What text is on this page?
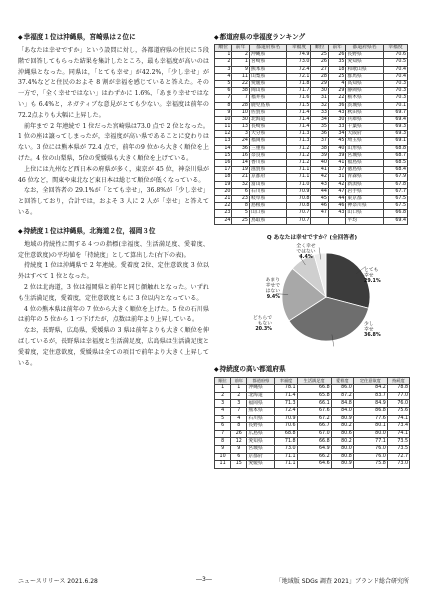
◆幸福度１位は沖縄県，宮崎県は２位に

「あなたは幸せですか」という設問に対し，各都道府県の住民に５段階で回答してもらった結果を集計したところ，最も幸福度が高いのは沖縄県となった。同県は，「とても幸せ」が42.2%，「少し幸せ」が 37.4%などと住民のおよそ 8 割が幸福を感じていると答えた。その一方で，「全く幸せではない」はわずかに 1.6%、「あまり幸せではない」も 6.4%と，ネガティブな意見がとても少ない。幸福度は前年の 72.2点よりも大幅に上昇した。

前年まで 2 年連続で 1 位だった宮崎県は73.0 点で 2 位となった。1 位の座は譲ってしまったが，幸福度が高い県であることに変わりはない。3 位には熊本県が 72.4 点で，前年の9 位から大きく順位を上げた。4 位の山梨県，5位の愛媛県も大きく順位を上げている。

上位には九州など西日本の府県が多く，東京が 45 位，神奈川県が 46 位など，関東や東北など東日本は総じて順位が低くなっている。

なお，全回答者の 29.1%が「とても幸せ」，36.8%が「少し幸せ」と回答しており，合計では，およそ 3 人に 2 人が「幸せ」と答えている。

◆持続度１位は沖縄県，北海道２位，福岡３位

地域の持続性に関する４つの指標(幸福度、生活満足度、愛着度、定住意欲度)の平均値を「持続度」として算出した(右下の表)。

持続度 1 位は沖縄県で 2 年連続。愛着度 2位、定住意欲度 3 位以外はすべて 1 位となった。

2 位は北海道，3 位は福岡県と前年と同じ顔触れとなった。いずれも生活満足度，愛着度，定住意欲度ともに 3 位以内となっている。

4 位の熊本県は前年の 7 位から大きく順位を上げた。5 位の石川県は前年の 5 位から 1 つ下げたが，点数は前年より上昇している。

なお，長野県，広島県，愛媛県の 3 県は前年よりも大きく順位を伸ばしているが，長野県は幸福度と生活満足度，広島県は生活満足度と愛着度，定住意欲度，愛媛県は全ての項目で前年より大きく上昇している。

◆都道府県の幸福度ランキング
順位	前年	都道府県名	幸福度	順位	前年	都道府県名	幸福度
1	2	沖縄県	74.9	25	26	長野県	70.6
2	1	宮崎県	73.0	26	35	愛知県	70.5
3	9	熊本県	72.4	27	18	和歌山県	70.4
4	11	山梨県	72.1	28	25	群馬県	70.4
5	22	愛媛県	71.8	29	4	高知県	70.3
6	38	岡山県	71.7	30	29	静岡県	70.3
7	7	福井県	71.6	31	22	栃木県	70.3
8	28	鹿児島県	71.5	32	36	茨城県	70.1
9	10	佐賀県	71.4	33	43	秋田県	69.7
10	30	北海道	71.4	34	30	兵庫県	69.4
11	13	長崎県	71.4	35	33	千葉県	69.3
12	3	大分県	71.3	36	34	大阪府	69.3
13	24	福岡県	71.3	37	45	埼玉県	69.1
14	36	三重県	71.2	38	40	山形県	68.8
15	16	奈良県	71.2	39	39	宮城県	68.7
16	14	香川県	71.2	40	41	福島県	68.5
17	19	滋賀県	71.1	41	37	徳島県	68.4
18	21	京都府	71.1	42	31	青森県	67.9
19	32	富山県	71.0	43	42	新潟県	67.8
20	6	石川県	70.9	44	47	岩手県	67.7
21	23	岐阜県	70.8	45	44	東京都	67.5
22	8	島根県	70.8	46	46	神奈川県	67.5
23	5	山口県	70.7	47	43	山口県	66.8
24	25	鳥取県	70.7			平均	69.4
Q あなたは幸せですか？(全回答者)
とても幸せ 29.1%
少し幸せ 36.8%
どちらでもない 20.3%
あまり幸せではない 9.4%
全く幸せではない 4.4%
◆持続度の高い都道府県
順位	前年	都道府県	幸福度	生活満足度	愛着度	定住意欲度	持続度
1	1	沖縄県	78.1	66.8	86.0	84.2	78.8
2	2	北海道	71.4	65.8	87.2	83.7	77.0
3	3	福岡県	71.3	66.1	84.8	84.9	76.0
4	7	熊本県	72.4	67.6	84.0	86.8	75.6
5	4	石川県	70.9	67.2	80.9	77.6	74.1
6	8	長野県	70.6	66.7	80.2	80.1	73.4
7	26	広島県	68.8	67.0	80.6	80.0	74.1
8	12	愛知県	71.8	66.8	80.2	77.1	73.5
9	9	宮城県	73.0	64.9	80.0	76.0	73.5
10	6	京都府	71.1	66.2	80.8	76.0	72.7
11	15	愛媛県	71.1	64.6	80.9	75.8	73.0
ニュースリリース 2021.6.28	―3―	「地域版 SDGs 調査 2021」ブランド総合研究所
